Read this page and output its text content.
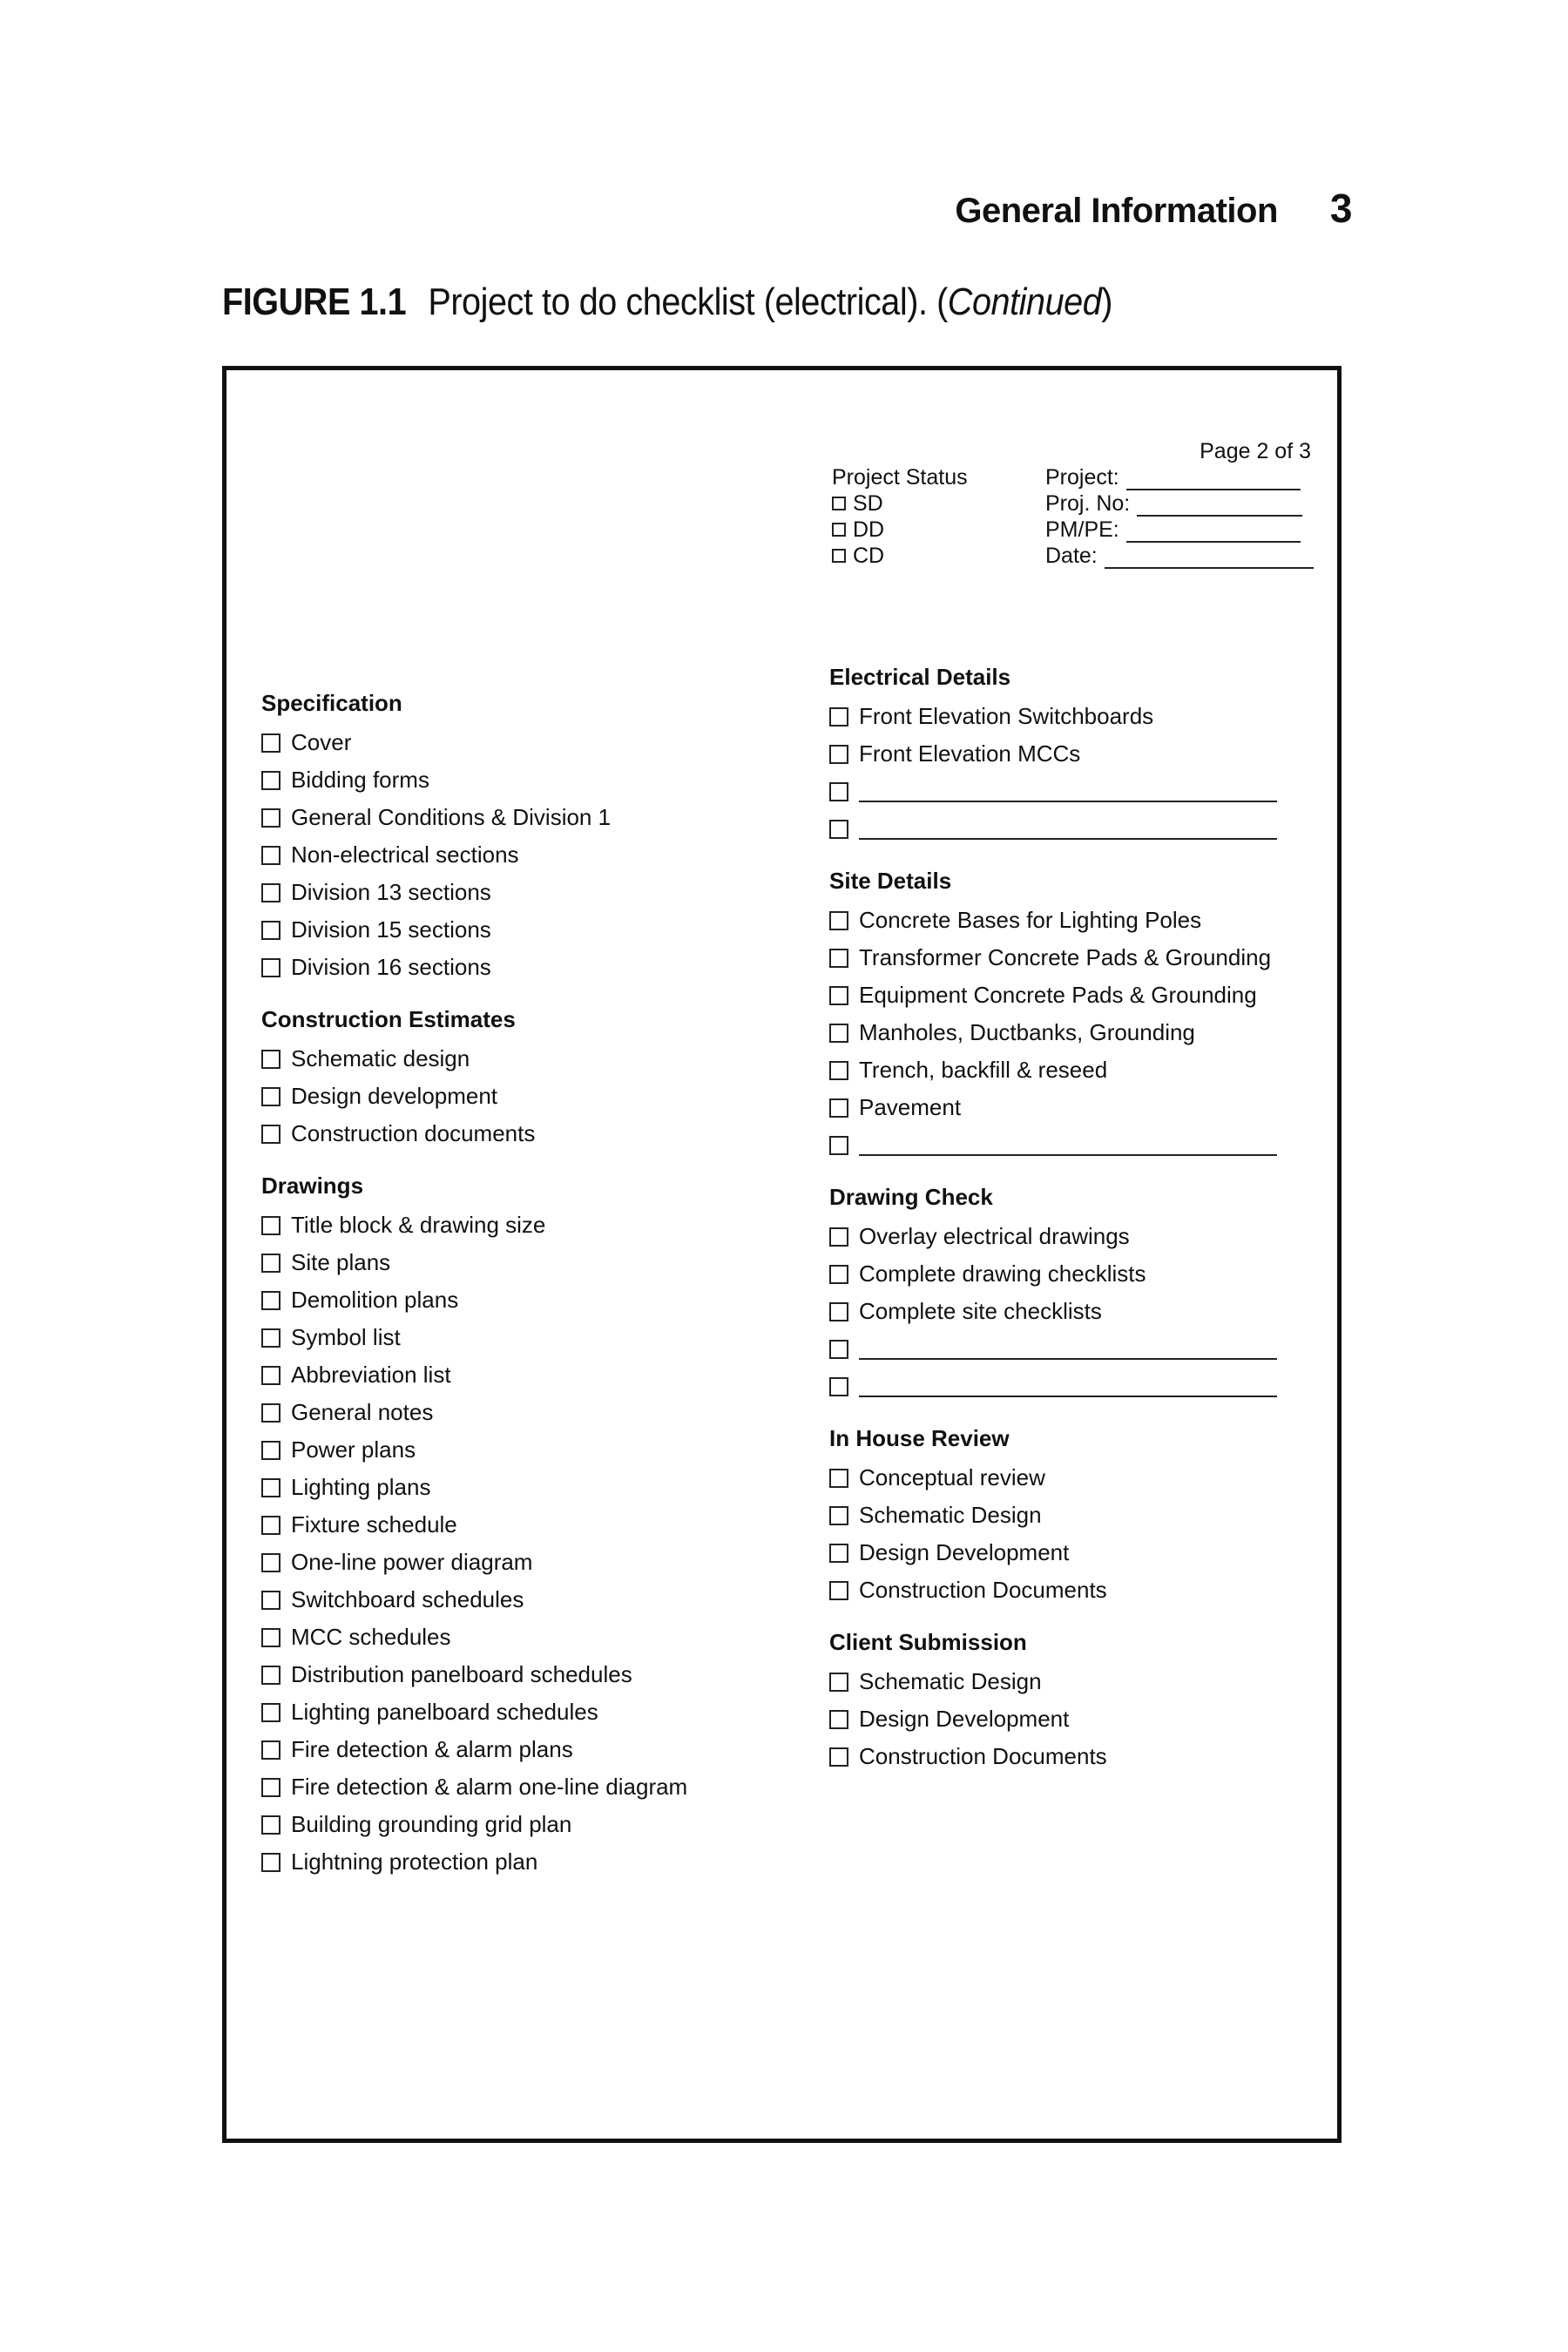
General Information 3
FIGURE 1.1 Project to do checklist (electrical). (Continued)
Page 2 of 3
Project Status
SD
DD
CD
Project:
Proj. No:
PM/PE:
Date:
Specification
Cover
Bidding forms
General Conditions & Division 1
Non-electrical sections
Division 13 sections
Division 15 sections
Division 16 sections
Construction Estimates
Schematic design
Design development
Construction documents
Drawings
Title block & drawing size
Site plans
Demolition plans
Symbol list
Abbreviation list
General notes
Power plans
Lighting plans
Fixture schedule
One-line power diagram
Switchboard schedules
MCC schedules
Distribution panelboard schedules
Lighting panelboard schedules
Fire detection & alarm plans
Fire detection & alarm one-line diagram
Building grounding grid plan
Lightning protection plan
Electrical Details
Front Elevation Switchboards
Front Elevation MCCs
Site Details
Concrete Bases for Lighting Poles
Transformer Concrete Pads & Grounding
Equipment Concrete Pads & Grounding
Manholes, Ductbanks, Grounding
Trench, backfill & reseed
Pavement
Drawing Check
Overlay electrical drawings
Complete drawing checklists
Complete site checklists
In House Review
Conceptual review
Schematic Design
Design Development
Construction Documents
Client Submission
Schematic Design
Design Development
Construction Documents
